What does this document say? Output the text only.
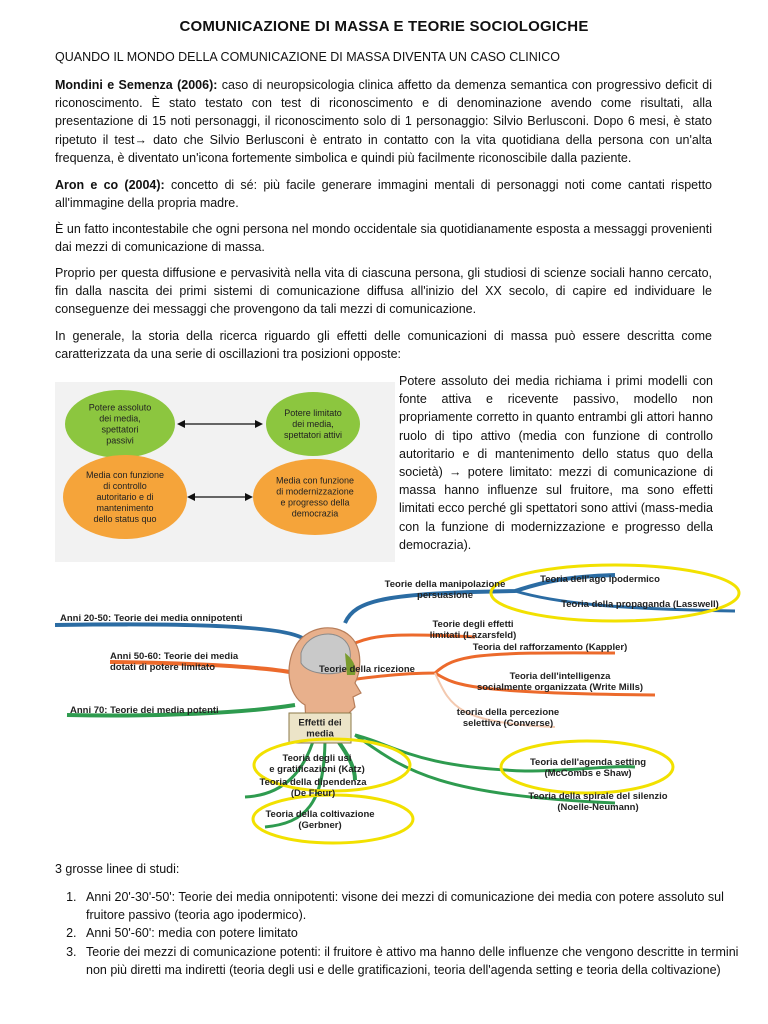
COMUNICAZIONE DI MASSA E TEORIE SOCIOLOGICHE
QUANDO IL MONDO DELLA COMUNICAZIONE DI MASSA DIVENTA UN CASO CLINICO

Mondini e Semenza (2006): caso di neuropsicologia clinica affetto da demenza semantica con progressivo deficit di riconoscimento. È stato testato con test di riconoscimento e di denominazione avendo come risultati, alla presentazione di 15 noti personaggi, il riconoscimento solo di 1 personaggio: Silvio Berlusconi. Dopo 6 mesi, è stato ripetuto il test→ dato che Silvio Berlusconi è entrato in contatto con la vita quotidiana della persona con un'alta frequenza, è diventato un'icona fortemente simbolica e quindi più facilmente riconoscibile dalla paziente.

Aron e co (2004): concetto di sé: più facile generare immagini mentali di personaggi noti come cantati rispetto all'immagine della propria madre.

È un fatto incontestabile che ogni persona nel mondo occidentale sia quotidianamente esposta a messaggi provenienti dai mezzi di comunicazione di massa.

Proprio per questa diffusione e pervasività nella vita di ciascuna persona, gli studiosi di scienze sociali hanno cercato, fin dalla nascita dei primi sistemi di comunicazione diffusa all'inizio del XX secolo, di capire ed individuare le conseguenze dei messaggi che provengono da tali mezzi di comunicazione.

In generale, la storia della ricerca riguardo gli effetti delle comunicazioni di massa può essere descritta come caratterizzata da una serie di oscillazioni tra posizioni opposte:

Potere assoluto
dei media,
spettatori
passivi
Potere limitato
dei media,
spettatori attivi
Media con funzione
di controllo
autoritario e di
mantenimento
dello status quo
Media con funzione
di modernizzazione
e progresso della
democrazia

Potere assoluto dei media richiama i primi modelli con fonte attiva e ricevente passivo, modello non propriamente corretto in quanto entrambi gli attori hanno ruolo di tipo attivo (media con funzione di controllo autoritario e di mantenimento dello status quo della società) → potere limitato: mezzi di comunicazione di massa hanno influenze sul fruitore, ma sono effetti limitati ecco perché gli spettatori sono attivi (mass-media con la funzione di modernizzazione e progresso della democrazia).

Effetti dei
media
Anni 20-50: Teorie dei media onnipotenti
Anni 50-60: Teorie dei media
dotati di potere limitato
Anni 70: Teorie dei media potenti
Teorie della manipolazione
persuasione
Teoria dell'ago ipodermico
Teoria della propaganda (Lasswell)
Teorie degli effetti
limitati (Lazarsfeld)
Teorie della ricezione
Teoria del rafforzamento (Kappler)
Teoria dell'intelligenza
socialmente organizzata (Write Mills)
teoria della percezione
selettiva (Converse)
Teoria degli usi
e gratificazioni (Katz)
Teoria dell'agenda setting
(McCombs e Shaw)
Teoria della dipendenza
(De Fleur)	Teoria della spirale del silenzio
(Noelle-Neumann)
Teoria della coltivazione
(Gerbner)
3 grosse linee di studi:
1. Anni 20'-30'-50': Teorie dei media onnipotenti: visone dei mezzi di comunicazione dei media con potere assoluto sul fruitore passivo (teoria ago ipodermico).
2. Anni 50'-60': media con potere limitato
3. Teorie dei mezzi di comunicazione potenti: il fruitore è attivo ma hanno delle influenze che vengono descritte in termini non più diretti ma indiretti (teoria degli usi e delle gratificazioni, teoria dell'agenda setting e teoria della coltivazione)
